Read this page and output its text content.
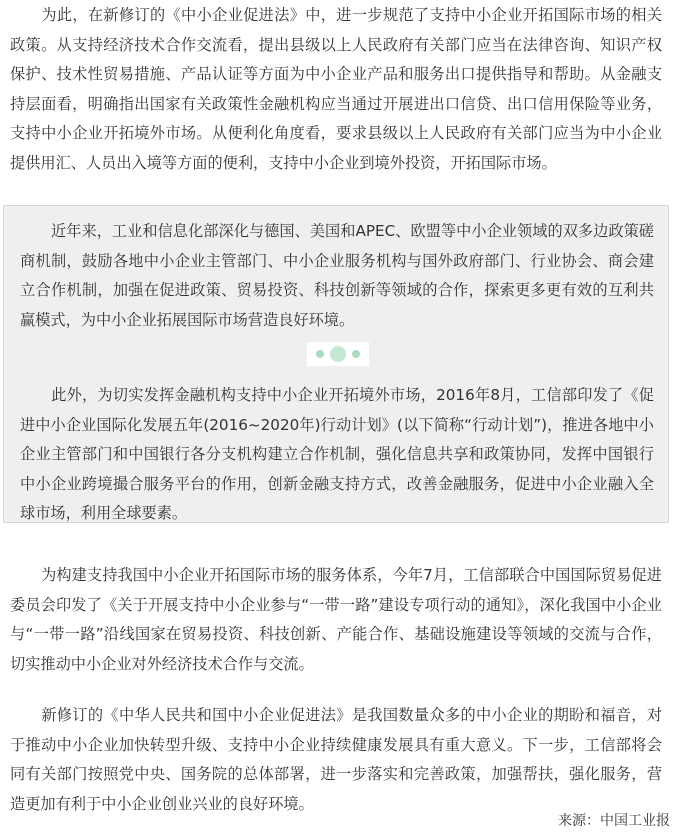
为此，在新修订的《中小企业促进法》中，进一步规范了支持中小企业开拓国际市场的相关政策。从支持经济技术合作交流看，提出县级以上人民政府有关部门应当在法律咨询、知识产权保护、技术性贸易措施、产品认证等方面为中小企业产品和服务出口提供指导和帮助。从金融支持层面看，明确指出国家有关政策性金融机构应当通过开展进出口信贷、出口信用保险等业务，支持中小企业开拓境外市场。从便利化角度看，要求县级以上人民政府有关部门应当为中小企业提供用汇、人员出入境等方面的便利，支持中小企业到境外投资，开拓国际市场。

近年来，工业和信息化部深化与德国、美国和APEC、欧盟等中小企业领域的双多边政策磋商机制，鼓励各地中小企业主管部门、中小企业服务机构与国外政府部门、行业协会、商会建立合作机制，加强在促进政策、贸易投资、科技创新等领域的合作，探索更多更有效的互利共赢模式，为中小企业拓展国际市场营造良好环境。

此外，为切实发挥金融机构支持中小企业开拓境外市场，2016年8月，工信部印发了《促进中小企业国际化发展五年(2016~2020年)行动计划》(以下简称“行动计划”)，推进各地中小企业主管部门和中国银行各分支机构建立合作机制，强化信息共享和政策协同，发挥中国银行中小企业跨境撮合服务平台的作用，创新金融支持方式，改善金融服务，促进中小企业融入全球市场，利用全球要素。

为构建支持我国中小企业开拓国际市场的服务体系，今年7月，工信部联合中国国际贸易促进委员会印发了《关于开展支持中小企业参与“一带一路”建设专项行动的通知》，深化我国中小企业与“一带一路”沿线国家在贸易投资、科技创新、产能合作、基础设施建设等领域的交流与合作，切实推动中小企业对外经济技术合作与交流。

新修订的《中华人民共和国中小企业促进法》是我国数量众多的中小企业的期盼和福音，对于推动中小企业加快转型升级、支持中小企业持续健康发展具有重大意义。下一步，工信部将会同有关部门按照党中央、国务院的总体部署，进一步落实和完善政策，加强帮扶，强化服务，营造更加有利于中小企业创业兴业的良好环境。

来源：中国工业报
